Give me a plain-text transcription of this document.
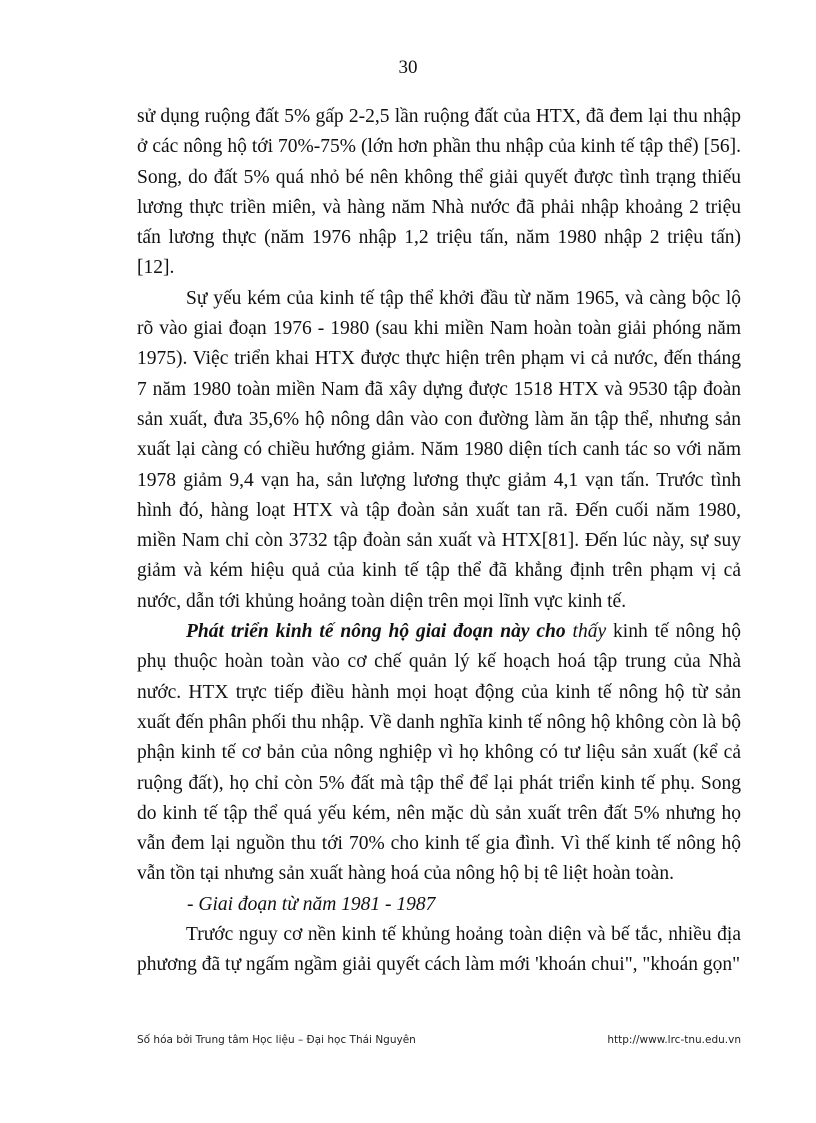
30

sử dụng ruộng đất 5% gấp 2-2,5 lần ruộng đất của HTX, đã đem lại thu nhập ở các nông hộ tới 70%-75% (lớn hơn phần thu nhập của kinh tế tập thể) [56]. Song, do đất 5% quá nhỏ bé nên không thể giải quyết được tình trạng thiếu lương thực triền miên, và hàng năm Nhà nước đã phải nhập khoảng 2 triệu tấn lương thực (năm 1976 nhập 1,2 triệu tấn, năm 1980 nhập 2 triệu tấn) [12].

Sự yếu kém của kinh tế tập thể khởi đầu từ năm 1965, và càng bộc lộ rõ vào giai đoạn 1976 - 1980 (sau khi miền Nam hoàn toàn giải phóng năm 1975). Việc triển khai HTX được thực hiện trên phạm vi cả nước, đến tháng 7 năm 1980 toàn miền Nam đã xây dựng được 1518 HTX và 9530 tập đoàn sản xuất, đưa 35,6% hộ nông dân vào con đường làm ăn tập thể, nhưng sản xuất lại càng có chiều hướng giảm. Năm 1980 diện tích canh tác so với năm 1978 giảm 9,4 vạn ha, sản lượng lương thực giảm 4,1 vạn tấn. Trước tình hình đó, hàng loạt HTX và tập đoàn sản xuất tan rã. Đến cuối năm 1980, miền Nam chỉ còn 3732 tập đoàn sản xuất và HTX[81]. Đến lúc này, sự suy giảm và kém hiệu quả của kinh tế tập thể đã khẳng định trên phạm vị cả nước, dẫn tới khủng hoảng toàn diện trên mọi lĩnh vực kinh tế.

Phát triển kinh tế nông hộ giai đoạn này cho thấy kinh tế nông hộ phụ thuộc hoàn toàn vào cơ chế quản lý kế hoạch hoá tập trung của Nhà nước. HTX trực tiếp điều hành mọi hoạt động của kinh tế nông hộ từ sản xuất đến phân phối thu nhập. Về danh nghĩa kinh tế nông hộ không còn là bộ phận kinh tế cơ bản của nông nghiệp vì họ không có tư liệu sản xuất (kể cả ruộng đất), họ chỉ còn 5% đất mà tập thể để lại phát triển kinh tế phụ. Song do kinh tế tập thể quá yếu kém, nên mặc dù sản xuất trên đất 5% nhưng họ vẫn đem lại nguồn thu tới 70% cho kinh tế gia đình. Vì thế kinh tế nông hộ vẫn tồn tại nhưng sản xuất hàng hoá của nông hộ bị tê liệt hoàn toàn.

- Giai đoạn từ năm 1981 - 1987

Trước nguy cơ nền kinh tế khủng hoảng toàn diện và bế tắc, nhiều địa phương đã tự ngấm ngầm giải quyết cách làm mới 'khoán chui", "khoán gọn"

Số hóa bởi Trung tâm Học liệu – Đại học Thái Nguyên	http://www.lrc-tnu.edu.vn
